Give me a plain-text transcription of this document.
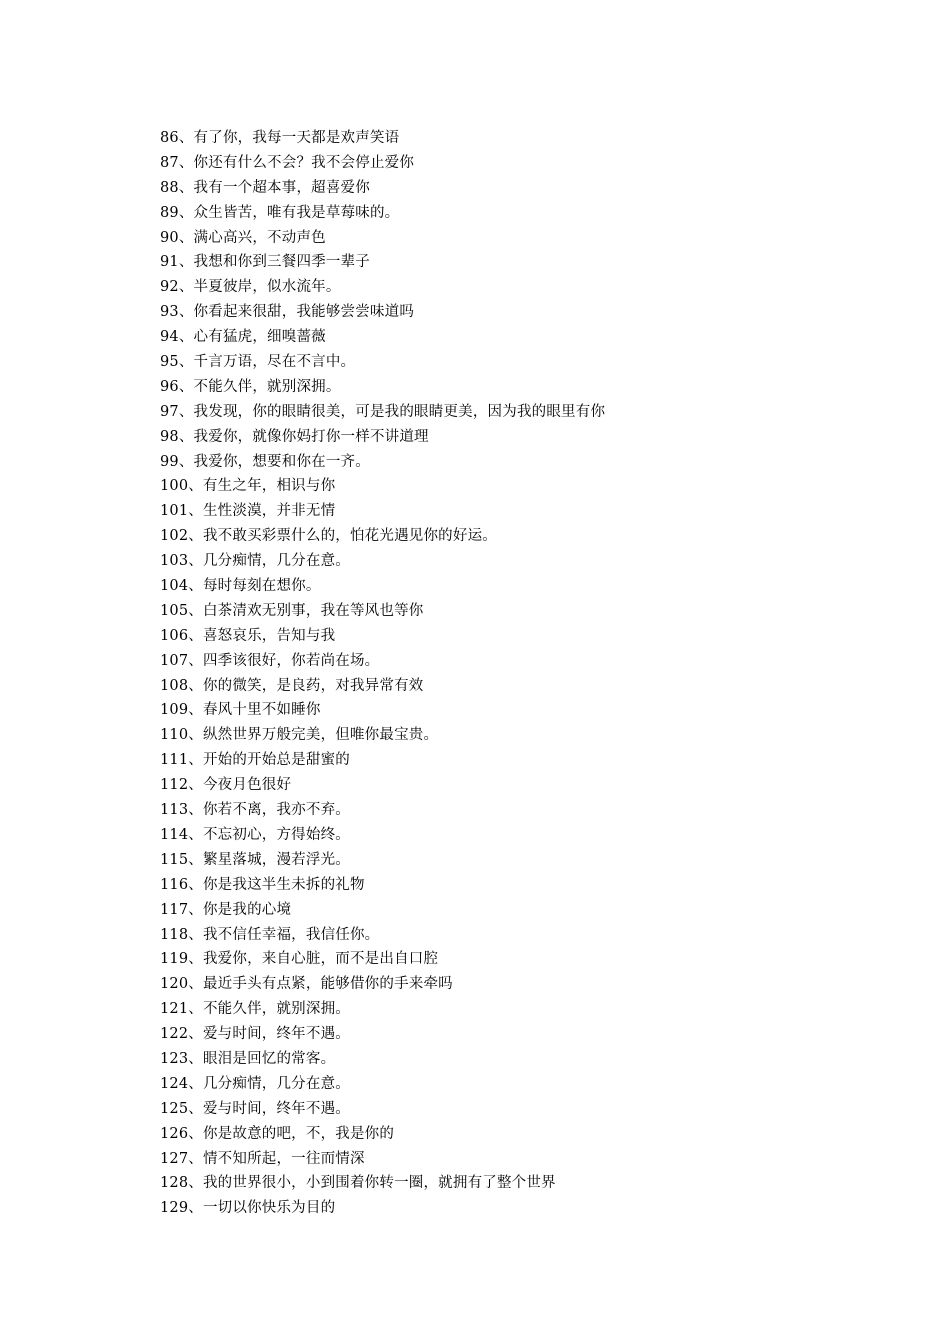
86、有了你，我每一天都是欢声笑语
87、你还有什么不会？我不会停止爱你
88、我有一个超本事，超喜爱你
89、众生皆苦，唯有我是草莓味的。
90、满心高兴，不动声色
91、我想和你到三餐四季一辈子
92、半夏彼岸，似水流年。
93、你看起来很甜，我能够尝尝味道吗
94、心有猛虎，细嗅蔷薇
95、千言万语，尽在不言中。
96、不能久伴，就别深拥。
97、我发现，你的眼睛很美，可是我的眼睛更美，因为我的眼里有你
98、我爱你，就像你妈打你一样不讲道理
99、我爱你，想要和你在一齐。
100、有生之年，相识与你
101、生性淡漠，并非无情
102、我不敢买彩票什么的，怕花光遇见你的好运。
103、几分痴情，几分在意。
104、每时每刻在想你。
105、白茶清欢无别事，我在等风也等你
106、喜怒哀乐，告知与我
107、四季该很好，你若尚在场。
108、你的微笑，是良药，对我异常有效
109、春风十里不如睡你
110、纵然世界万般完美，但唯你最宝贵。
111、开始的开始总是甜蜜的
112、今夜月色很好
113、你若不离，我亦不弃。
114、不忘初心，方得始终。
115、繁星落城，漫若浮光。
116、你是我这半生未拆的礼物
117、你是我的心境
118、我不信任幸福，我信任你。
119、我爱你，来自心脏，而不是出自口腔
120、最近手头有点紧，能够借你的手来牵吗
121、不能久伴，就别深拥。
122、爱与时间，终年不遇。
123、眼泪是回忆的常客。
124、几分痴情，几分在意。
125、爱与时间，终年不遇。
126、你是故意的吧，不，我是你的
127、情不知所起，一往而情深
128、我的世界很小，小到围着你转一圈，就拥有了整个世界
129、一切以你快乐为目的
